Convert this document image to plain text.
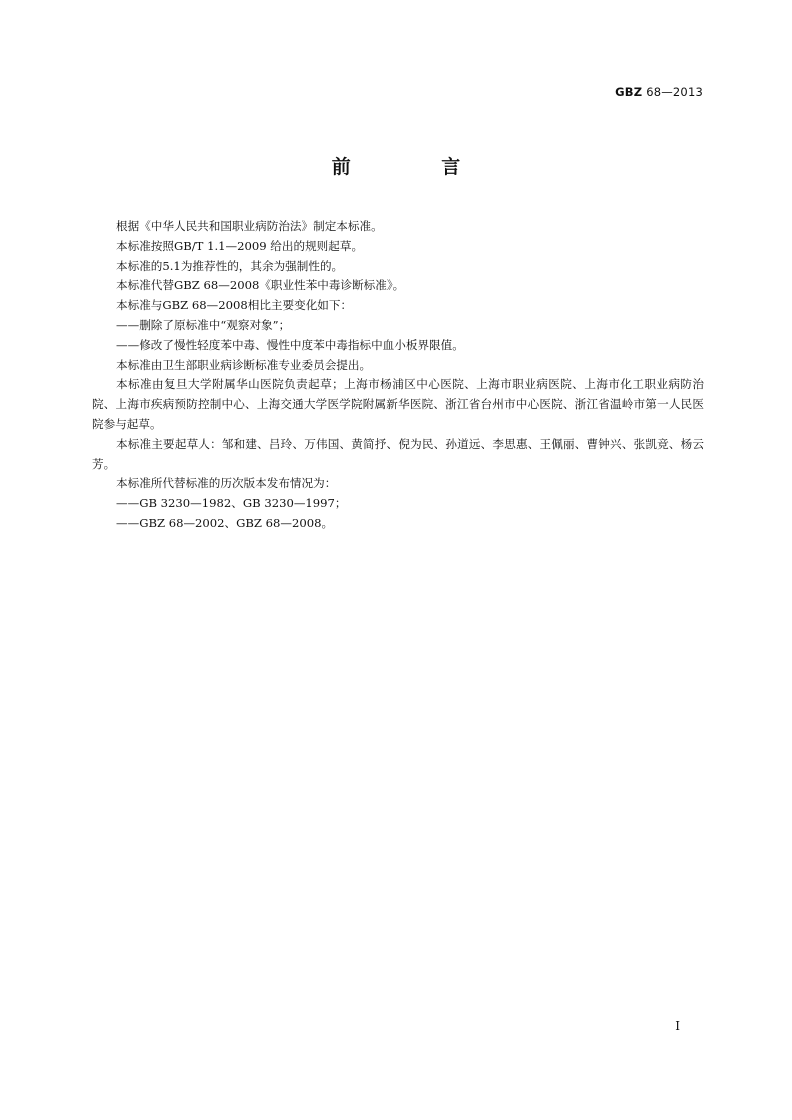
GBZ 68—2013
前 言

根据《中华人民共和国职业病防治法》制定本标准。

本标准按照GB/T 1.1—2009 给出的规则起草。

本标准的5.1为推荐性的，其余为强制性的。

本标准代替GBZ 68—2008《职业性苯中毒诊断标准》。

本标准与GBZ 68—2008相比主要变化如下：

——删除了原标准中“观察对象”；

——修改了慢性轻度苯中毒、慢性中度苯中毒指标中血小板界限值。

本标准由卫生部职业病诊断标准专业委员会提出。

本标准由复旦大学附属华山医院负责起草；上海市杨浦区中心医院、上海市职业病医院、上海市化工职业病防治院、上海市疾病预防控制中心、上海交通大学医学院附属新华医院、浙江省台州市中心医院、浙江省温岭市第一人民医院参与起草。

本标准主要起草人：邹和建、吕玲、万伟国、黄简抒、倪为民、孙道远、李思惠、王佩丽、曹钟兴、张凯竞、杨云芳。

本标准所代替标准的历次版本发布情况为：

——GB 3230—1982、GB 3230—1997；

——GBZ 68—2002、GBZ 68—2008。

I
